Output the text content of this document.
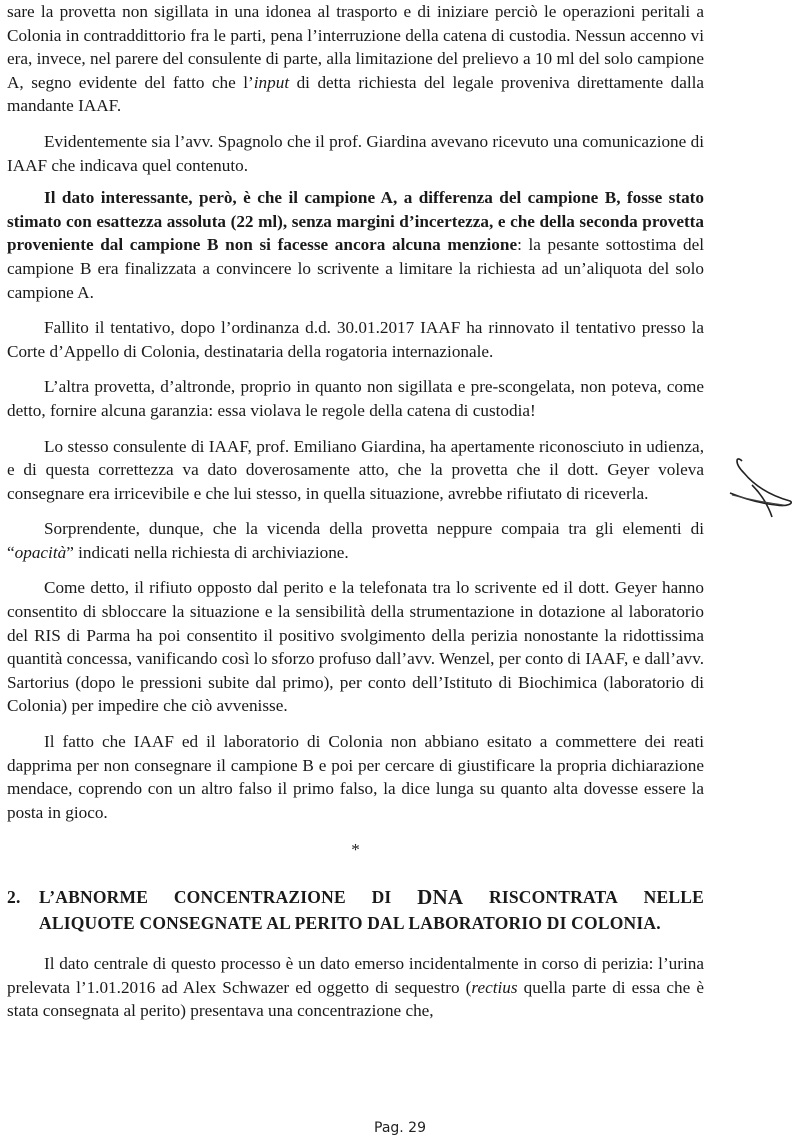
sare la provetta non sigillata in una idonea al trasporto e di iniziare perciò le operazioni peritali a Colonia in contraddittorio fra le parti, pena l’interruzione della catena di custodia. Nessun accenno vi era, invece, nel parere del consulente di parte, alla limitazione del prelievo a 10 ml del solo campione A, segno evidente del fatto che l’input di detta richiesta del legale proveniva direttamente dalla mandante IAAF.

Evidentemente sia l’avv. Spagnolo che il prof. Giardina avevano ricevuto una comunicazione di IAAF che indicava quel contenuto.

Il dato interessante, però, è che il campione A, a differenza del campione B, fosse stato stimato con esattezza assoluta (22 ml), senza margini d’incertezza, e che della seconda provetta proveniente dal campione B non si facesse ancora alcuna menzione: la pesante sottostima del campione B era finalizzata a convincere lo scrivente a limitare la richiesta ad un’aliquota del solo campione A.

Fallito il tentativo, dopo l’ordinanza d.d. 30.01.2017 IAAF ha rinnovato il tentativo presso la Corte d’Appello di Colonia, destinataria della rogatoria internazionale.

L’altra provetta, d’altronde, proprio in quanto non sigillata e pre-scongelata, non poteva, come detto, fornire alcuna garanzia: essa violava le regole della catena di custodia!

Lo stesso consulente di IAAF, prof. Emiliano Giardina, ha apertamente riconosciuto in udienza, e di questa correttezza va dato doverosamente atto, che la provetta che il dott. Geyer voleva consegnare era irricevibile e che lui stesso, in quella situazione, avrebbe rifiutato di riceverla.

Sorprendente, dunque, che la vicenda della provetta neppure compaia tra gli elementi di “opacità” indicati nella richiesta di archiviazione.

Come detto, il rifiuto opposto dal perito e la telefonata tra lo scrivente ed il dott. Geyer hanno consentito di sbloccare la situazione e la sensibilità della strumentazione in dotazione al laboratorio del RIS di Parma ha poi consentito il positivo svolgimento della perizia nonostante la ridottissima quantità concessa, vanificando così lo sforzo profuso dall’avv. Wenzel, per conto di IAAF, e dall’avv. Sartorius (dopo le pressioni subite dal primo), per conto dell’Istituto di Biochimica (laboratorio di Colonia) per impedire che ciò avvenisse.

Il fatto che IAAF ed il laboratorio di Colonia non abbiano esitato a commettere dei reati dapprima per non consegnare il campione B e poi per cercare di giustificare la propria dichiarazione mendace, coprendo con un altro falso il primo falso, la dice lunga su quanto alta dovesse essere la posta in gioco.

*
2.	L’ABNORME CONCENTRAZIONE DI DNA RISCONTRATA NELLE
ALIQUOTE CONSEGNATE AL PERITO DAL LABORATORIO DI COLONIA.

Il dato centrale di questo processo è un dato emerso incidentalmente in corso di perizia: l’urina prelevata l’1.01.2016 ad Alex Schwazer ed oggetto di sequestro (rectius quella parte di essa che è stata consegnata al perito) presentava una concentrazione che,

Pag. 29
